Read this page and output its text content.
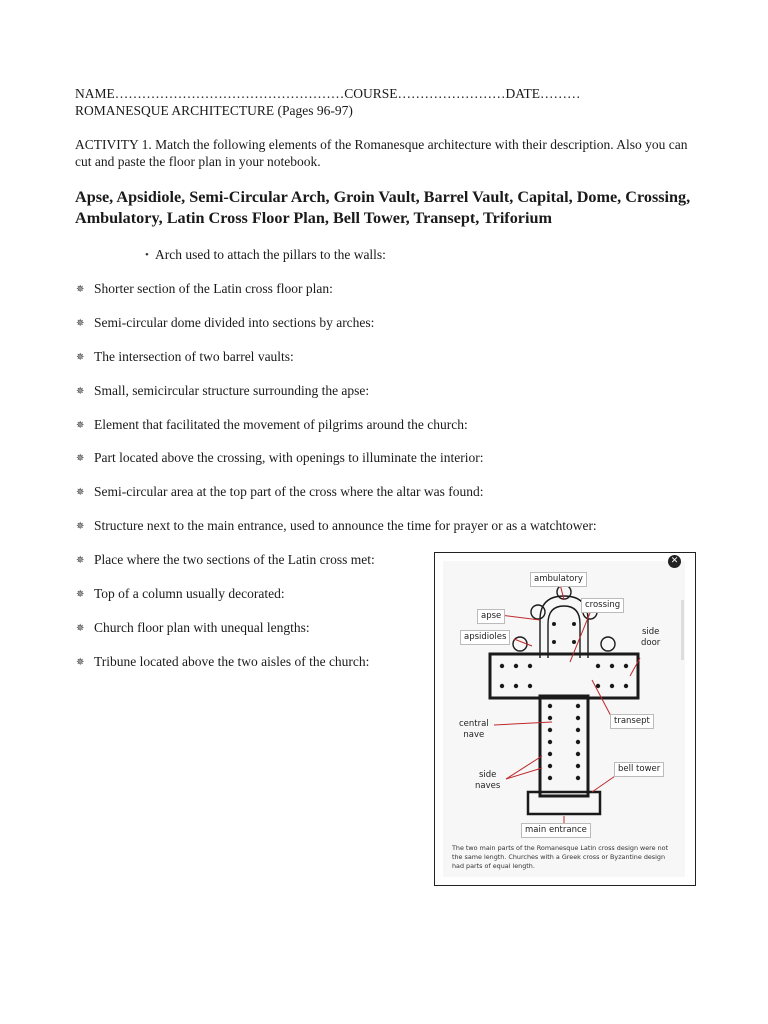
NAME……………………………………………COURSE……………………DATE………
ROMANESQUE ARCHITECTURE (Pages 96-97)
ACTIVITY 1. Match the following elements of the Romanesque architecture with their description. Also you can cut and paste the floor plan in your notebook.
Apse, Apsidiole, Semi-Circular Arch, Groin Vault, Barrel Vault, Capital, Dome, Crossing, Ambulatory, Latin Cross Floor Plan, Bell Tower, Transept, Triforium
• Arch used to attach the pillars to the walls:
✵ Shorter section of the Latin cross floor plan:
✵ Semi-circular dome divided into sections by arches:
✵ The intersection of two barrel vaults:
✵ Small, semicircular structure surrounding the apse:
✵ Element that facilitated the movement of pilgrims around the church:
✵ Part located above the crossing, with openings to illuminate the interior:
✵ Semi-circular area at the top part of the cross where the altar was found:
✵ Structure next to the main entrance, used to announce the time for prayer or as a watchtower:
✵ Place where the two sections of the Latin cross met:
✵ Top of a column usually decorated:
✵ Church floor plan with unequal lengths:
✵ Tribune located above the two aisles of the church:
✕
ambulatory
apse
crossing
apsidioles	side
door
transept
central
nave
bell tower
side
naves
main entrance
The two main parts of the Romanesque Latin cross design were not the same length. Churches with a Greek cross or Byzantine design had parts of equal length.
